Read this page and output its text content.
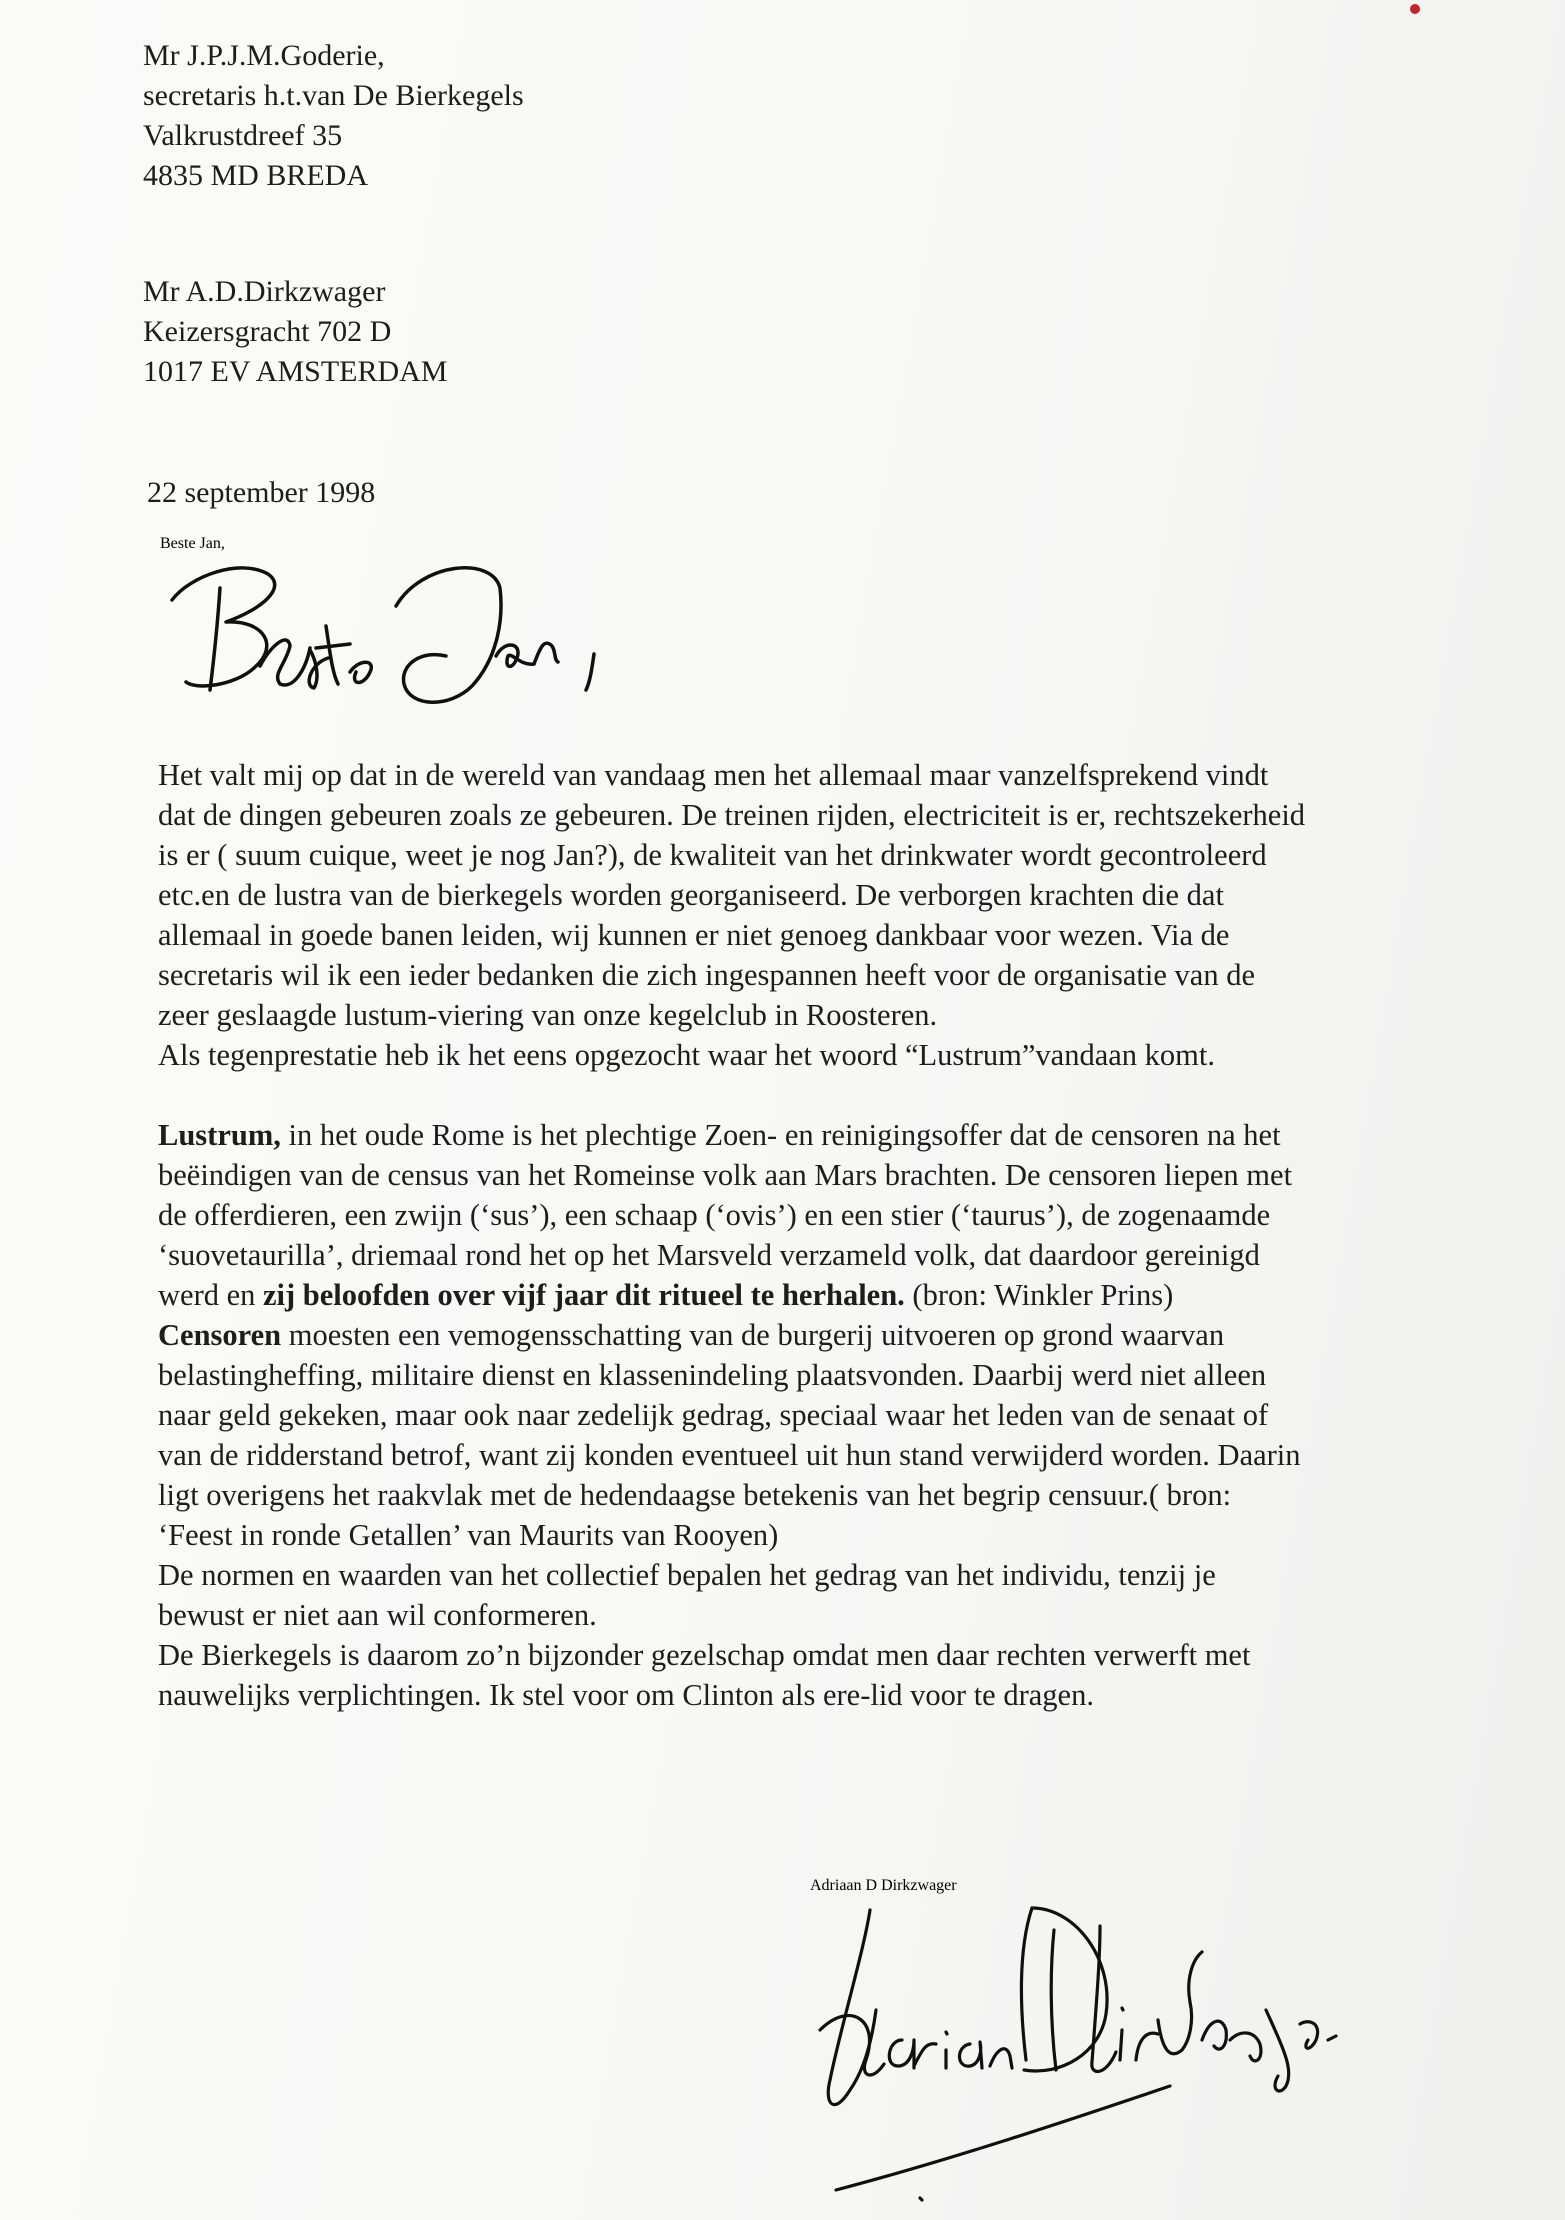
Mr J.P.J.M.Goderie,
secretaris h.t.van De Bierkegels
Valkrustdreef 35
4835 MD BREDA
Mr A.D.Dirkzwager
Keizersgracht 702 D
1017 EV AMSTERDAM
22 september 1998
Beste Jan,

Het valt mij op dat in de wereld van vandaag men het allemaal maar vanzelfsprekend vindt dat de dingen gebeuren zoals ze gebeuren. De treinen rijden, electriciteit is er, rechtszekerheid is er ( suum cuique, weet je nog Jan?), de kwaliteit van het drinkwater wordt gecontroleerd etc.en de lustra van de bierkegels worden georganiseerd. De verborgen krachten die dat allemaal in goede banen leiden, wij kunnen er niet genoeg dankbaar voor wezen. Via de secretaris wil ik een ieder bedanken die zich ingespannen heeft voor de organisatie van de zeer geslaagde lustum-viering van onze kegelclub in Roosteren.

Als tegenprestatie heb ik het eens opgezocht waar het woord “Lustrum”vandaan komt.

Lustrum, in het oude Rome is het plechtige Zoen- en reinigingsoffer dat de censoren na het beëindigen van de census van het Romeinse volk aan Mars brachten. De censoren liepen met de offerdieren, een zwijn (‘sus’), een schaap (‘ovis’) en een stier (‘taurus’), de zogenaamde ‘suovetaurilla’, driemaal rond het op het Marsveld verzameld volk, dat daardoor gereinigd werd en zij beloofden over vijf jaar dit ritueel te herhalen. (bron: Winkler Prins)

Censoren moesten een vemogensschatting van de burgerij uitvoeren op grond waarvan belastingheffing, militaire dienst en klassenindeling plaatsvonden. Daarbij werd niet alleen naar geld gekeken, maar ook naar zedelijk gedrag, speciaal waar het leden van de senaat of van de ridderstand betrof, want zij konden eventueel uit hun stand verwijderd worden. Daarin ligt overigens het raakvlak met de hedendaagse betekenis van het begrip censuur.( bron: ‘Feest in ronde Getallen’ van Maurits van Rooyen)

De normen en waarden van het collectief bepalen het gedrag van het individu, tenzij je bewust er niet aan wil conformeren.

De Bierkegels is daarom zo’n bijzonder gezelschap omdat men daar rechten verwerft met nauwelijks verplichtingen. Ik stel voor om Clinton als ere-lid voor te dragen.

Adriaan D Dirkzwager
